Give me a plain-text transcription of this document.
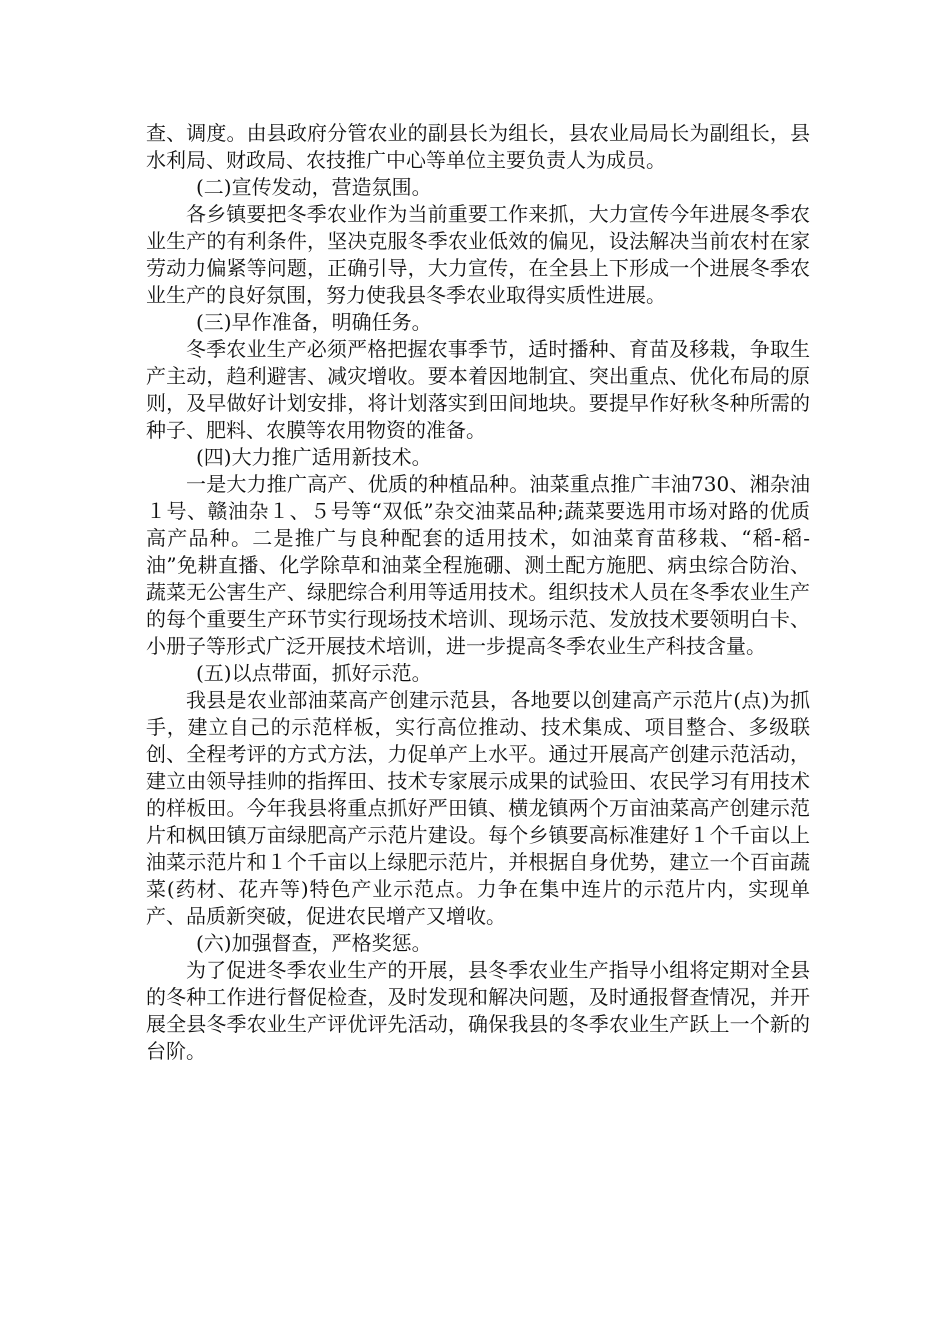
查、调度。由县政府分管农业的副县长为组长，县农业局局长为副组长，县水利局、财政局、农技推广中心等单位主要负责人为成员。

(二)宣传发动，营造氛围。

各乡镇要把冬季农业作为当前重要工作来抓，大力宣传今年进展冬季农业生产的有利条件，坚决克服冬季农业低效的偏见，设法解决当前农村在家劳动力偏紧等问题，正确引导，大力宣传，在全县上下形成一个进展冬季农业生产的良好氛围，努力使我县冬季农业取得实质性进展。

(三)早作准备，明确任务。

冬季农业生产必须严格把握农事季节，适时播种、育苗及移栽，争取生产主动，趋利避害、减灾增收。要本着因地制宜、突出重点、优化布局的原则，及早做好计划安排，将计划落实到田间地块。要提早作好秋冬种所需的种子、肥料、农膜等农用物资的准备。

(四)大力推广适用新技术。

一是大力推广高产、优质的种植品种。油菜重点推广丰油730、湘杂油１号、赣油杂１、５号等“双低”杂交油菜品种;蔬菜要选用市场对路的优质高产品种。二是推广与良种配套的适用技术，如油菜育苗移栽、“稻-稻-油”免耕直播、化学除草和油菜全程施硼、测土配方施肥、病虫综合防治、蔬菜无公害生产、绿肥综合利用等适用技术。组织技术人员在冬季农业生产的每个重要生产环节实行现场技术培训、现场示范、发放技术要领明白卡、小册子等形式广泛开展技术培训，进一步提高冬季农业生产科技含量。

(五)以点带面，抓好示范。

我县是农业部油菜高产创建示范县，各地要以创建高产示范片(点)为抓手，建立自己的示范样板，实行高位推动、技术集成、项目整合、多级联创、全程考评的方式方法，力促单产上水平。通过开展高产创建示范活动，建立由领导挂帅的指挥田、技术专家展示成果的试验田、农民学习有用技术的样板田。今年我县将重点抓好严田镇、横龙镇两个万亩油菜高产创建示范片和枫田镇万亩绿肥高产示范片建设。每个乡镇要高标准建好１个千亩以上油菜示范片和１个千亩以上绿肥示范片，并根据自身优势，建立一个百亩蔬菜(药材、花卉等)特色产业示范点。力争在集中连片的示范片内，实现单产、品质新突破，促进农民增产又增收。

(六)加强督查，严格奖惩。

为了促进冬季农业生产的开展，县冬季农业生产指导小组将定期对全县的冬种工作进行督促检查，及时发现和解决问题，及时通报督查情况，并开展全县冬季农业生产评优评先活动，确保我县的冬季农业生产跃上一个新的台阶。
